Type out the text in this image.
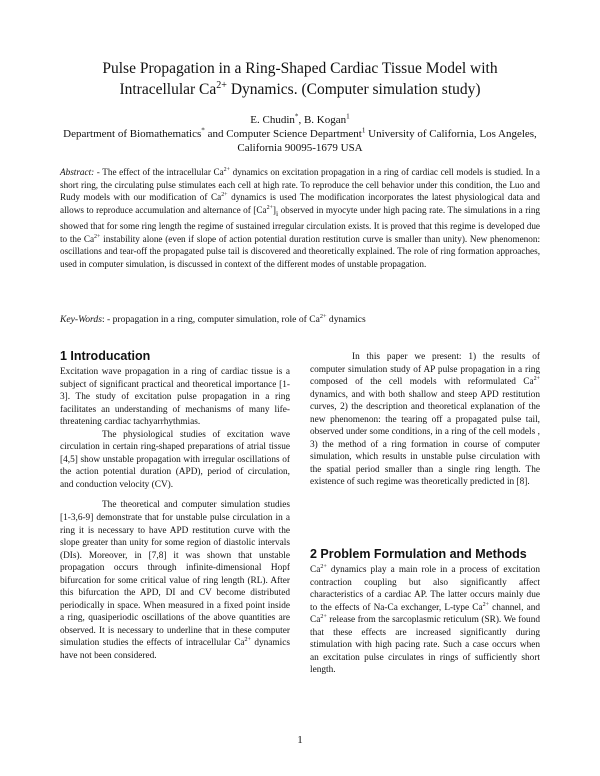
Pulse Propagation in a Ring-Shaped Cardiac Tissue Model with
Intracellular $Ca^{2+}$ Dynamics. (Computer simulation study)
E. Chudin*, B. Kogan$^1$
Department of Biomathematics* and Computer Science Department$^1$ University of California, Los Angeles, California 90095-1679 USA
Abstract: - The effect of the intracellular $Ca^{2+}$ dynamics on excitation propagation in a ring of cardiac cell models is studied. In a short ring, the circulating pulse stimulates each cell at high rate. To reproduce the cell behavior under this condition, the Luo and Rudy models with our modification of $Ca^{2+}$ dynamics is used The modification incorporates the latest physiological data and allows to reproduce accumulation and alternance of $[Ca^{2+}]_i$ observed in myocyte under high pacing rate. The simulations in a ring showed that for some ring length the regime of sustained irregular circulation exists. It is proved that this regime is developed due to the $Ca^{2+}$ instability alone (even if slope of action potential duration restitution curve is smaller than unity). New phenomenon: oscillations and tear-off the propagated pulse tail is discovered and theoretically explained. The role of ring formation approaches, used in computer simulation, is discussed in context of the different modes of unstable propagation.
Key-Words: - propagation in a ring, computer simulation, role of $Ca^{2+}$ dynamics
1 Introducation

Excitation wave propagation in a ring of cardiac tissue is a subject of significant practical and theoretical importance [1-3]. The study of excitation pulse propagation in a ring facilitates an understanding of mechanisms of many life-threatening cardiac tachyarrhythmias.

The physiological studies of excitation wave circulation in certain ring-shaped preparations of atrial tissue [4,5] show unstable propagation with irregular oscillations of the action potential duration (APD), period of circulation, and conduction velocity (CV).

The theoretical and computer simulation studies [1-3,6-9] demonstrate that for unstable pulse circulation in a ring it is necessary to have APD restitution curve with the slope greater than unity for some region of diastolic intervals (DIs). Moreover, in [7,8] it was shown that unstable propagation occurs through infinite-dimensional Hopf bifurcation for some critical value of ring length (RL). After this bifurcation the APD, DI and CV become distributed periodically in space. When measured in a fixed point inside a ring, quasiperiodic oscillations of the above quantities are observed. It is necessary to underline that in these computer simulation studies the effects of intracellular $Ca^{2+}$ dynamics have not been considered.

In this paper we present: 1) the results of computer simulation study of AP pulse propagation in a ring composed of the cell models with reformulated $Ca^{2+}$ dynamics, and with both shallow and steep APD restitution curves, 2) the description and theoretical explanation of the new phenomenon: the tearing off a propagated pulse tail, observed under some conditions, in a ring of the cell models , 3) the method of a ring formation in course of computer simulation, which results in unstable pulse circulation with the spatial period smaller than a single ring length. The existence of such regime was theoretically predicted in [8].

2 Problem Formulation and Methods

$Ca^{2+}$ dynamics play a main role in a process of excitation contraction coupling but also significantly affect characteristics of a cardiac AP. The latter occurs mainly due to the effects of Na-Ca exchanger, L-type $Ca^{2+}$ channel, and $Ca^{2+}$ release from the sarcoplasmic reticulum (SR). We found that these effects are increased significantly during stimulation with high pacing rate. Such a case occurs when an excitation pulse circulates in rings of sufficiently short length.

1
